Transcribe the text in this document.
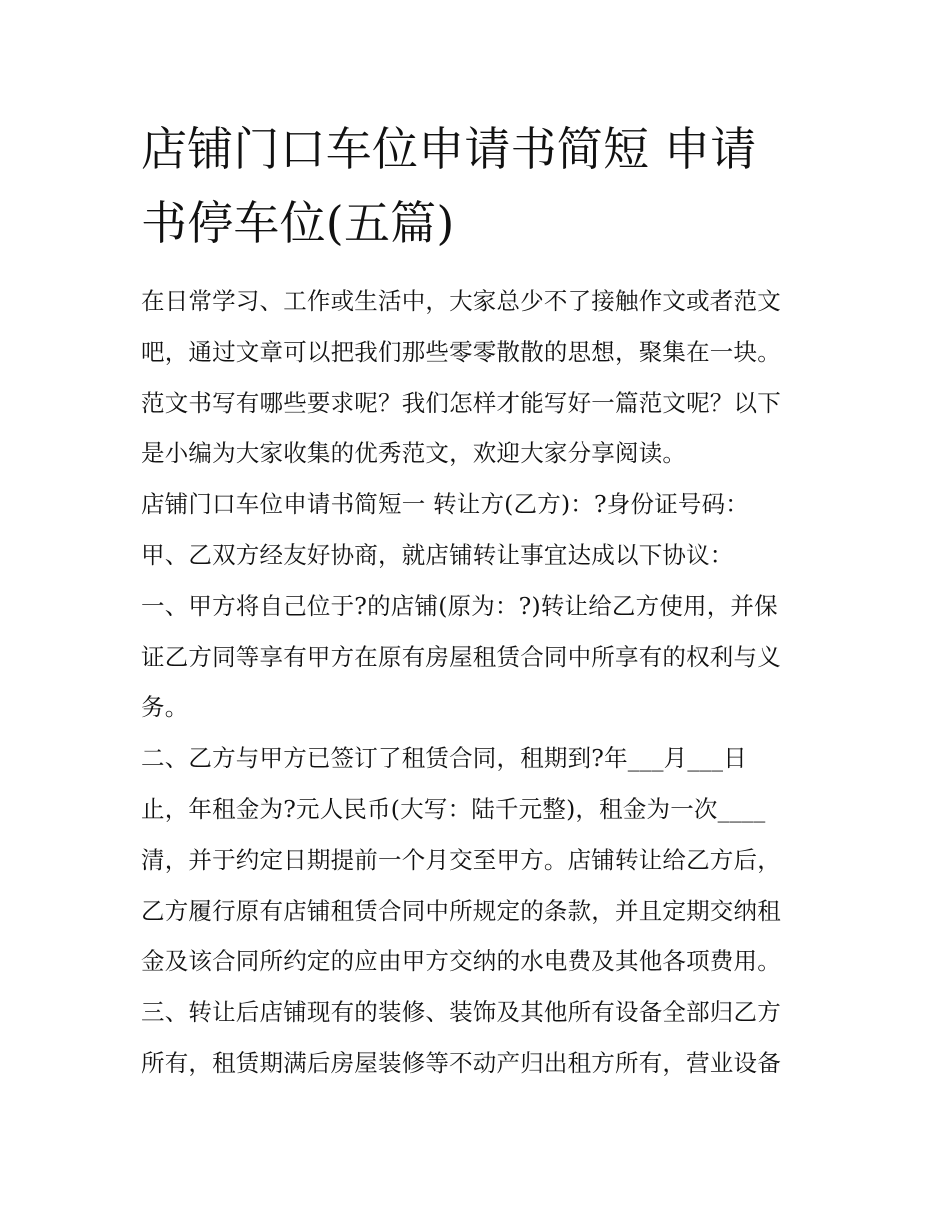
店铺门口车位申请书简短 申请
书停车位(五篇)
在日常学习、工作或生活中，大家总少不了接触作文或者范文
吧，通过文章可以把我们那些零零散散的思想，聚集在一块。
范文书写有哪些要求呢？我们怎样才能写好一篇范文呢？以下
是小编为大家收集的优秀范文，欢迎大家分享阅读。
店铺门口车位申请书简短一 转让方(乙方)：?身份证号码：
甲、乙双方经友好协商，就店铺转让事宜达成以下协议：
一、甲方将自己位于?的店铺(原为：?)转让给乙方使用，并保
证乙方同等享有甲方在原有房屋租赁合同中所享有的权利与义
务。
二、乙方与甲方已签订了租赁合同，租期到?年___月___日
止，年租金为?元人民币(大写：陆千元整)，租金为一次____
清，并于约定日期提前一个月交至甲方。店铺转让给乙方后，
乙方履行原有店铺租赁合同中所规定的条款，并且定期交纳租
金及该合同所约定的应由甲方交纳的水电费及其他各项费用。
三、转让后店铺现有的装修、装饰及其他所有设备全部归乙方
所有，租赁期满后房屋装修等不动产归出租方所有，营业设备
